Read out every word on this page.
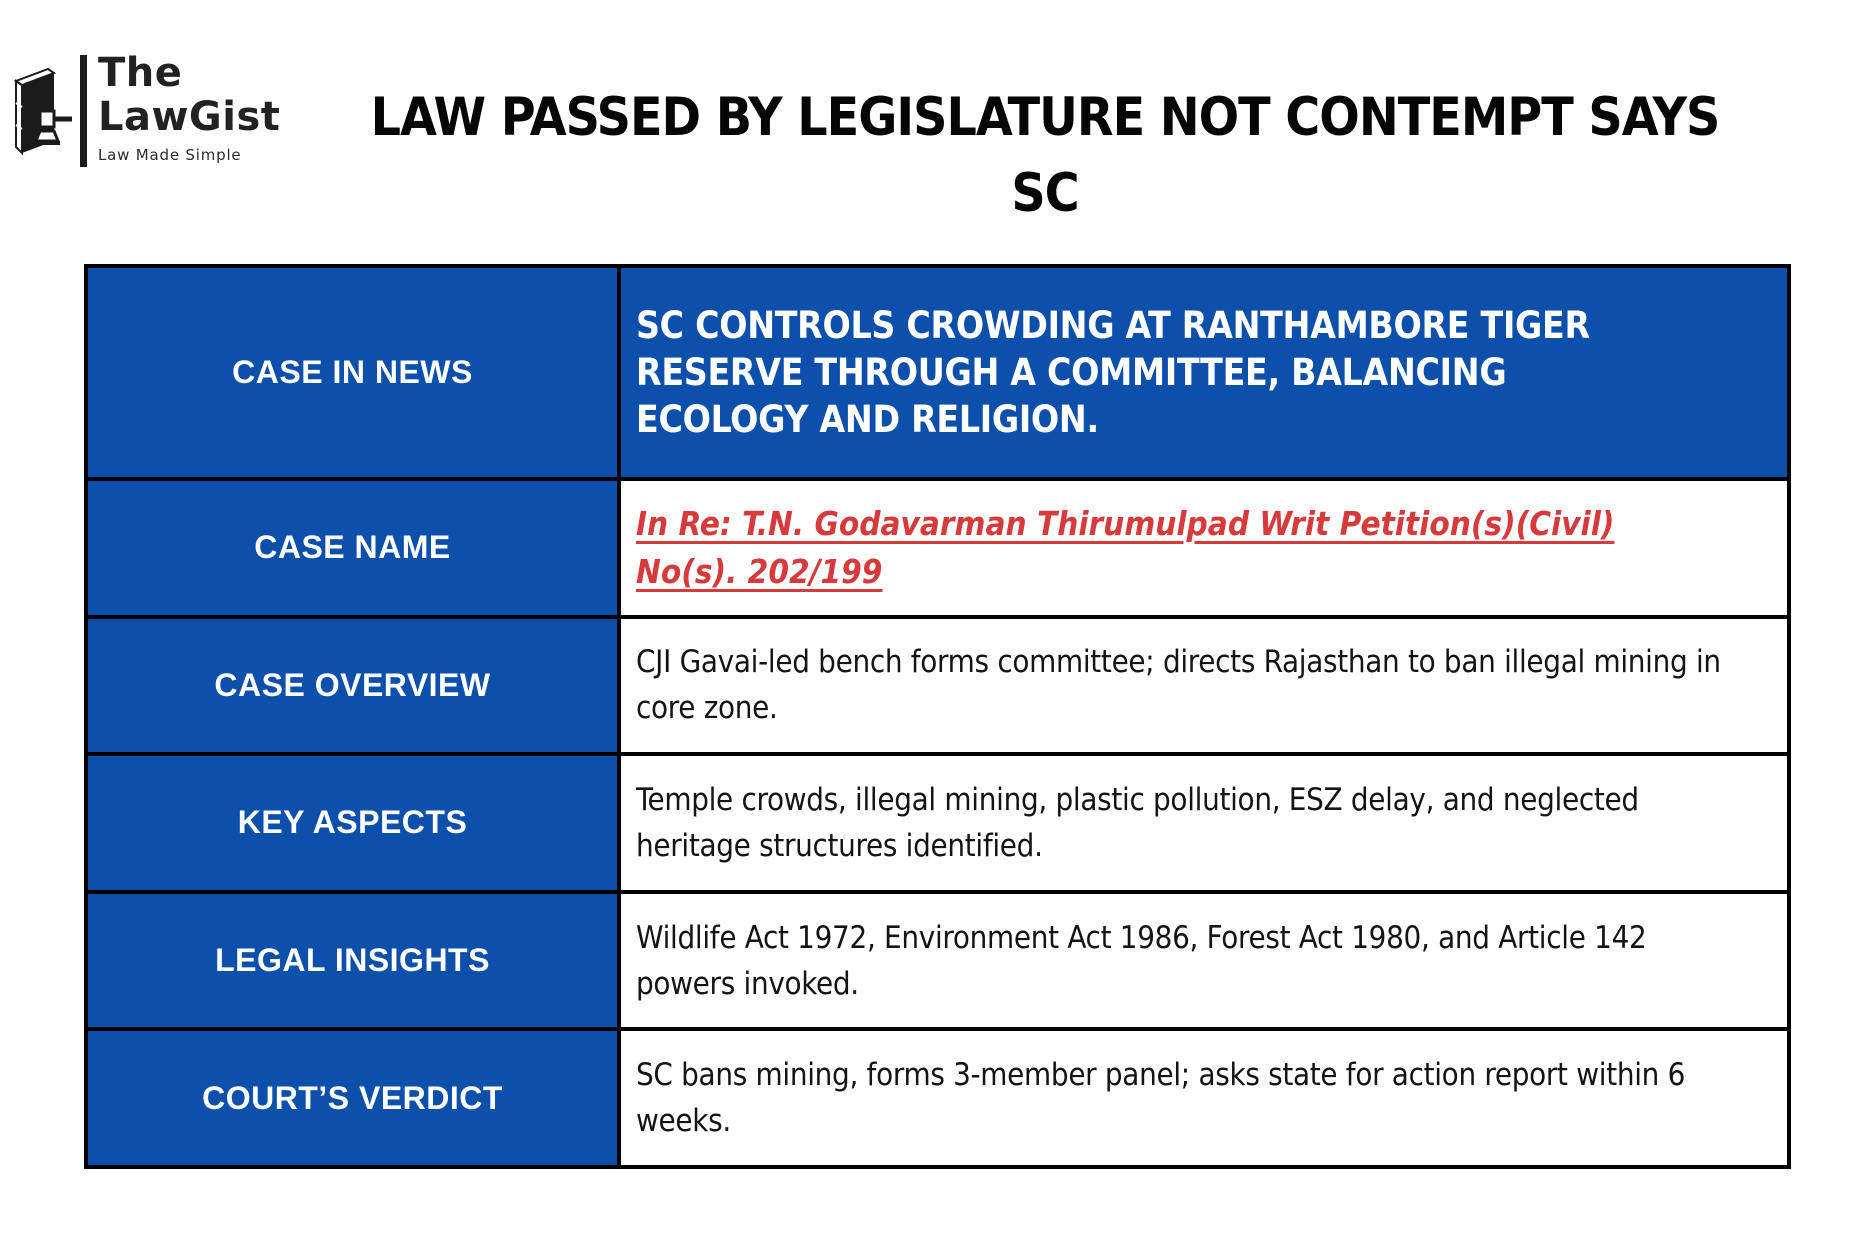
The
LawGist
Law Made Simple
LAW PASSED BY LEGISLATURE NOT CONTEMPT SAYS
SC
CASE IN NEWS
SC CONTROLS CROWDING AT RANTHAMBORE TIGER RESERVE THROUGH A COMMITTEE, BALANCING ECOLOGY AND RELIGION.
CASE NAME
In Re: T.N. Godavarman Thirumulpad Writ Petition(s)(Civil) No(s). 202/199
CASE OVERVIEW
CJI Gavai-led bench forms committee; directs Rajasthan to ban illegal mining in core zone.
KEY ASPECTS
Temple crowds, illegal mining, plastic pollution, ESZ delay, and neglected heritage structures identified.
LEGAL INSIGHTS
Wildlife Act 1972, Environment Act 1986, Forest Act 1980, and Article 142 powers invoked.
COURT’S VERDICT
SC bans mining, forms 3-member panel; asks state for action report within 6 weeks.
